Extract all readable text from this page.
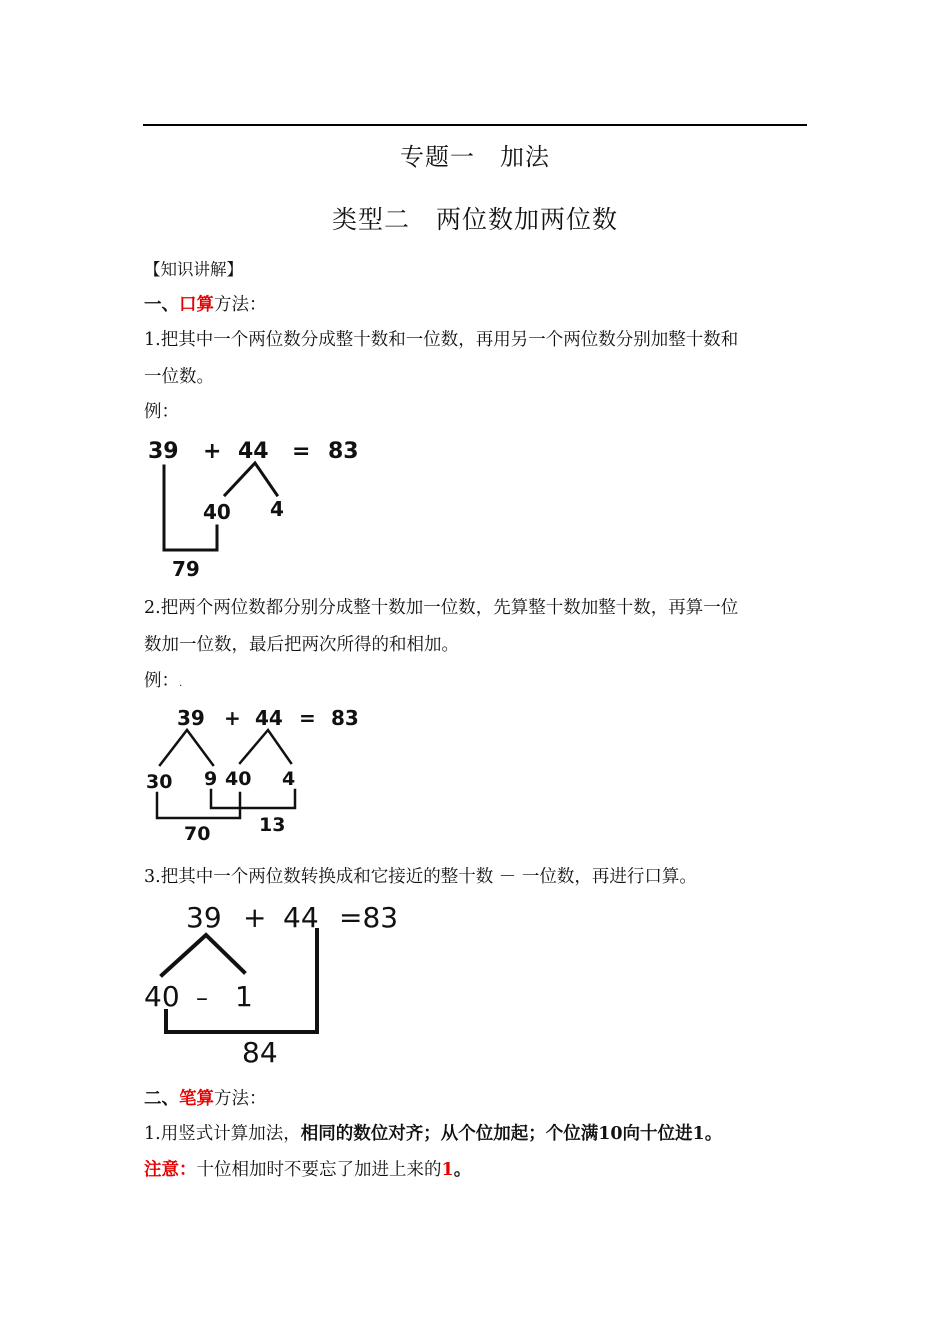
专题一　加法
类型二　两位数加两位数
【知识讲解】
一、口算方法：
1.把其中一个两位数分成整十数和一位数，再用另一个两位数分别加整十数和
一位数。
例：
39 + 44 = 83
40 4
79
2.把两个两位数都分别分成整十数加一位数，先算整十数加整十数，再算一位
数加一位数，最后把两次所得的和相加。
例：.
39 + 44 = 83
30 9 40 4
70	13
3.把其中一个两位数转换成和它接近的整十数 － 一位数，再进行口算。
39 + 44 =83
40 – 1
84
二、笔算方法：
1.用竖式计算加法，相同的数位对齐；从个位加起；个位满10向十位进1。
注意：十位相加时不要忘了加进上来的1。
